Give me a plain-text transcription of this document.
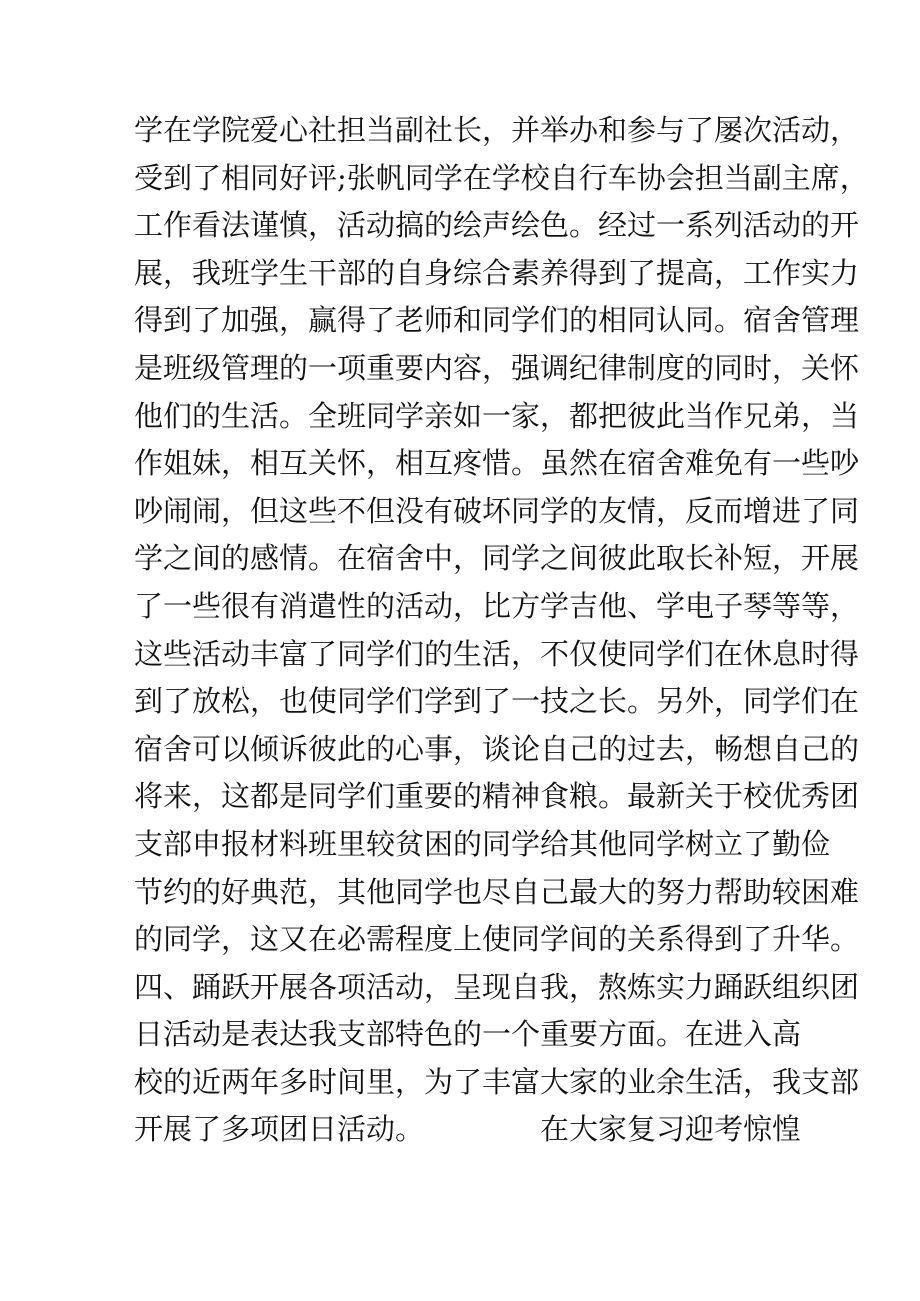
学在学院爱心社担当副社长，并举办和参与了屡次活动，
受到了相同好评;张帆同学在学校自行车协会担当副主席，
工作看法谨慎，活动搞的绘声绘色。经过一系列活动的开
展，我班学生干部的自身综合素养得到了提高，工作实力
得到了加强，赢得了老师和同学们的相同认同。宿舍管理
是班级管理的一项重要内容，强调纪律制度的同时，关怀
他们的生活。全班同学亲如一家，都把彼此当作兄弟，当
作姐妹，相互关怀，相互疼惜。虽然在宿舍难免有一些吵
吵闹闹，但这些不但没有破坏同学的友情，反而增进了同
学之间的感情。在宿舍中，同学之间彼此取长补短，开展
了一些很有消遣性的活动，比方学吉他、学电子琴等等，
这些活动丰富了同学们的生活，不仅使同学们在休息时得
到了放松，也使同学们学到了一技之长。另外，同学们在
宿舍可以倾诉彼此的心事，谈论自己的过去，畅想自己的
将来，这都是同学们重要的精神食粮。最新关于校优秀团
支部申报材料班里较贫困的同学给其他同学树立了勤俭
节约的好典范，其他同学也尽自己最大的努力帮助较困难
的同学，这又在必需程度上使同学间的关系得到了升华。
四、踊跃开展各项活动，呈现自我，熬炼实力踊跃组织团
日活动是表达我支部特色的一个重要方面。在进入高
校的近两年多时间里，为了丰富大家的业余生活，我支部
开展了多项团日活动。	在大家复习迎考惊惶
